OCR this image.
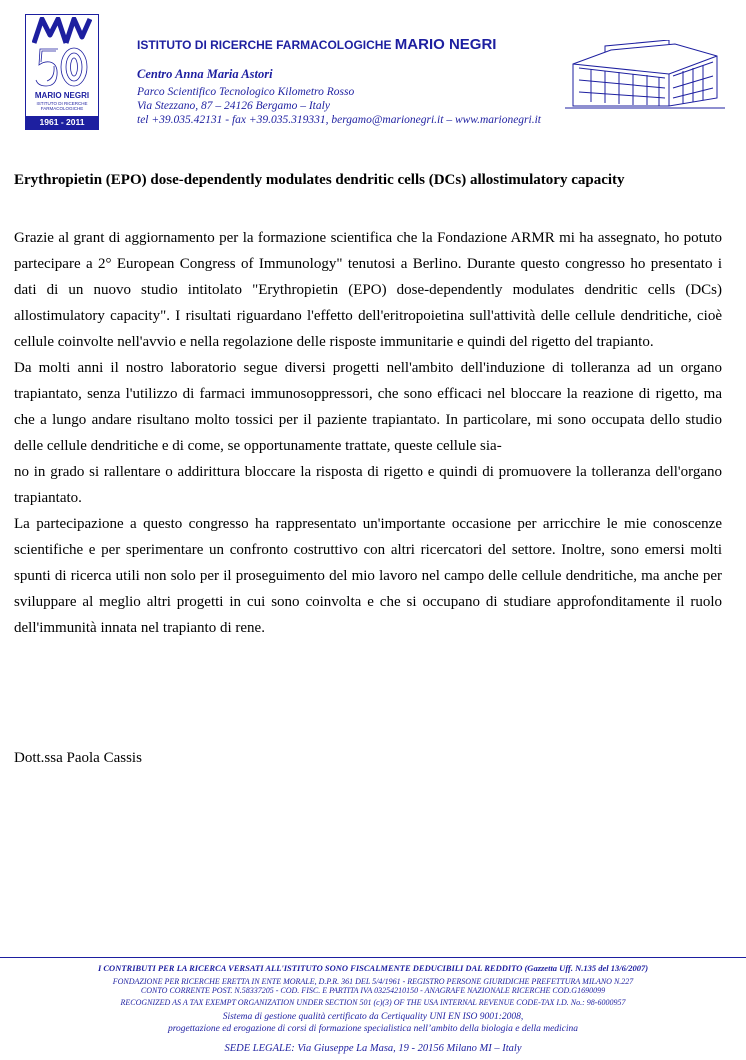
MARIO NEGRI
ISTITUTO DI RICERCHE FARMACOLOGICHE
1961 - 2011
ISTITUTO DI RICERCHE FARMACOLOGICHE MARIO NEGRI
Centro Anna Maria Astori
Parco Scientifico Tecnologico Kilometro Rosso
Via Stezzano, 87 – 24126 Bergamo – Italy
tel +39.035.42131 - fax +39.035.319331, bergamo@marionegri.it – www.marionegri.it
Erythropietin (EPO) dose-dependently modulates dendritic cells (DCs) allostimulatory capacity

Grazie al grant di aggiornamento per la formazione scientifica che la Fondazione ARMR mi ha assegnato, ho potuto partecipare a 2° European Congress of Immunology" tenutosi a Berlino. Durante questo congresso ho presentato i dati di un nuovo studio intitolato "Erythropietin (EPO) dose-dependently modulates dendritic cells (DCs) allostimulatory capacity". I risultati riguardano l'effetto dell'eritropoietina sull'attività delle cellule dendritiche, cioè cellule coinvolte nell'avvio e nella regolazione delle risposte immunitarie e quindi del rigetto del trapianto.

Da molti anni il nostro laboratorio segue diversi progetti nell'ambito dell'induzione di tolleranza ad un organo trapiantato, senza l'utilizzo di farmaci immunosoppressori, che sono efficaci nel bloccare la reazione di rigetto, ma che a lungo andare risultano molto tossici per il paziente trapiantato. In particolare, mi sono occupata dello studio delle cellule dendritiche e di come, se opportunamente trattate, queste cellule sia-

no in grado si rallentare o addirittura bloccare la risposta di rigetto e quindi di promuovere la tolleranza dell'organo trapiantato.

La partecipazione a questo congresso ha rappresentato un'importante occasione per arricchire le mie conoscenze scientifiche e per sperimentare un confronto costruttivo con altri ricercatori del settore. Inoltre, sono emersi molti spunti di ricerca utili non solo per il proseguimento del mio lavoro nel campo delle cellule dendritiche, ma anche per sviluppare al meglio altri progetti in cui sono coinvolta e che si occupano di studiare approfonditamente il ruolo dell'immunità innata nel trapianto di rene.

Dott.ssa Paola Cassis
I CONTRIBUTI PER LA RICERCA VERSATI ALL'ISTITUTO SONO FISCALMENTE DEDUCIBILI DAL REDDITO (Gazzetta Uff. N.135 del 13/6/2007)
FONDAZIONE PER RICERCHE ERETTA IN ENTE MORALE, D.P.R. 361 DEL 5/4/1961 - REGISTRO PERSONE GIURIDICHE PREFETTURA MILANO N.227
CONTO CORRENTE POST. N.58337205 - COD. FISC. E PARTITA IVA 03254210150 - ANAGRAFE NAZIONALE RICERCHE COD.G1690099
RECOGNIZED AS A TAX EXEMPT ORGANIZATION UNDER SECTION 501 (c)(3) OF THE USA INTERNAL REVENUE CODE-TAX I.D. No.: 98-6000957
Sistema di gestione qualità certificato da Certiquality UNI EN ISO 9001:2008,
progettazione ed erogazione di corsi di formazione specialistica nell’ambito della biologia e della medicina
SEDE LEGALE: Via Giuseppe La Masa, 19 - 20156 Milano MI – Italy
